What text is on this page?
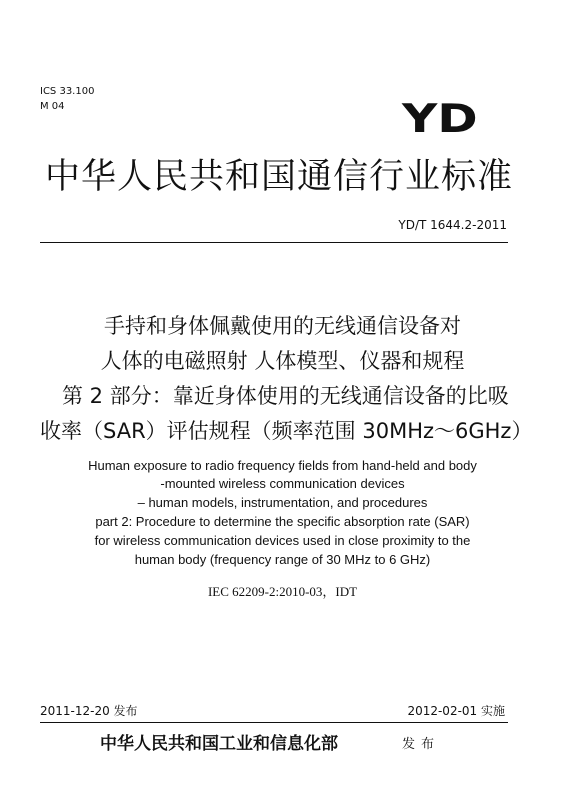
ICS 33.100
M 04	YD
中华人民共和国通信行业标准
YD/T 1644.2-2011
手持和身体佩戴使用的无线通信设备对
人体的电磁照射 人体模型、仪器和规程
第 2 部分：靠近身体使用的无线通信设备的比吸
收率（SAR）评估规程（频率范围 30MHz～6GHz）
Human exposure to radio frequency fields from hand-held and body
-mounted wireless communication devices
– human models, instrumentation, and procedures
part 2: Procedure to determine the specific absorption rate (SAR)
for wireless communication devices used in close proximity to the
human body (frequency range of 30 MHz to 6 GHz)
IEC 62209-2:2010-03，IDT
2011-12-20 发布	2012-02-01 实施
中华人民共和国工业和信息化部	发布
